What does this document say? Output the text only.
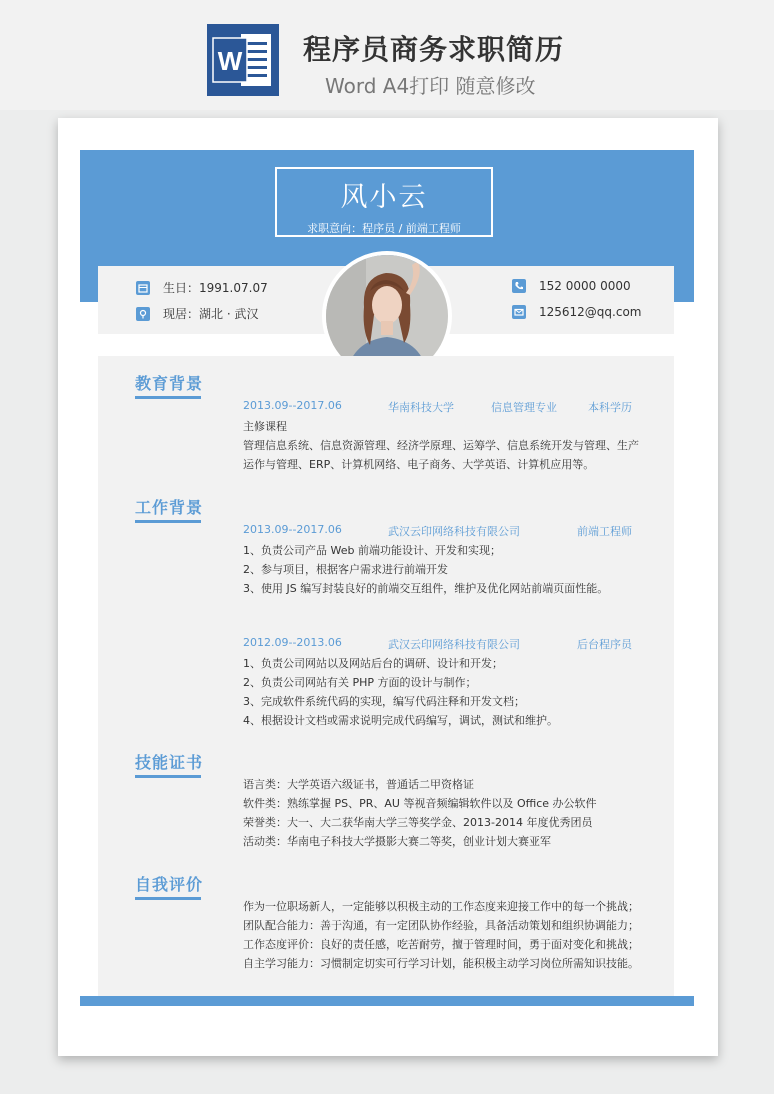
W 程序员商务求职简历
Word A4打印 随意修改
风小云
求职意向：程序员 / 前端工程师
生日：1991.07.07
现居：湖北 · 武汉
152 0000 0000
125612@qq.com
教育背景
2013.09--2017.06	华南科技大学	信息管理专业	本科学历
主修课程
管理信息系统、信息资源管理、经济学原理、运筹学、信息系统开发与管理、生产
运作与管理、ERP、计算机网络、电子商务、大学英语、计算机应用等。
工作背景
2013.09--2017.06	武汉云印网络科技有限公司	前端工程师
1、负责公司产品 Web 前端功能设计、开发和实现；
2、参与项目，根据客户需求进行前端开发
3、使用 JS 编写封装良好的前端交互组件，维护及优化网站前端页面性能。
2012.09--2013.06	武汉云印网络科技有限公司	后台程序员
1、负责公司网站以及网站后台的调研、设计和开发；
2、负责公司网站有关 PHP 方面的设计与制作；
3、完成软件系统代码的实现，编写代码注释和开发文档；
4、根据设计文档或需求说明完成代码编写，调试，测试和维护。
技能证书
语言类：大学英语六级证书，普通话二甲资格证
软件类：熟练掌握 PS、PR、AU 等视音频编辑软件以及 Office 办公软件
荣誉类：大一、大二获华南大学三等奖学金、2013-2014 年度优秀团员
活动类：华南电子科技大学摄影大赛二等奖，创业计划大赛亚军
自我评价
作为一位职场新人，一定能够以积极主动的工作态度来迎接工作中的每一个挑战；
团队配合能力：善于沟通，有一定团队协作经验，具备活动策划和组织协调能力；
工作态度评价：良好的责任感，吃苦耐劳，擅于管理时间，勇于面对变化和挑战；
自主学习能力：习惯制定切实可行学习计划，能积极主动学习岗位所需知识技能。
